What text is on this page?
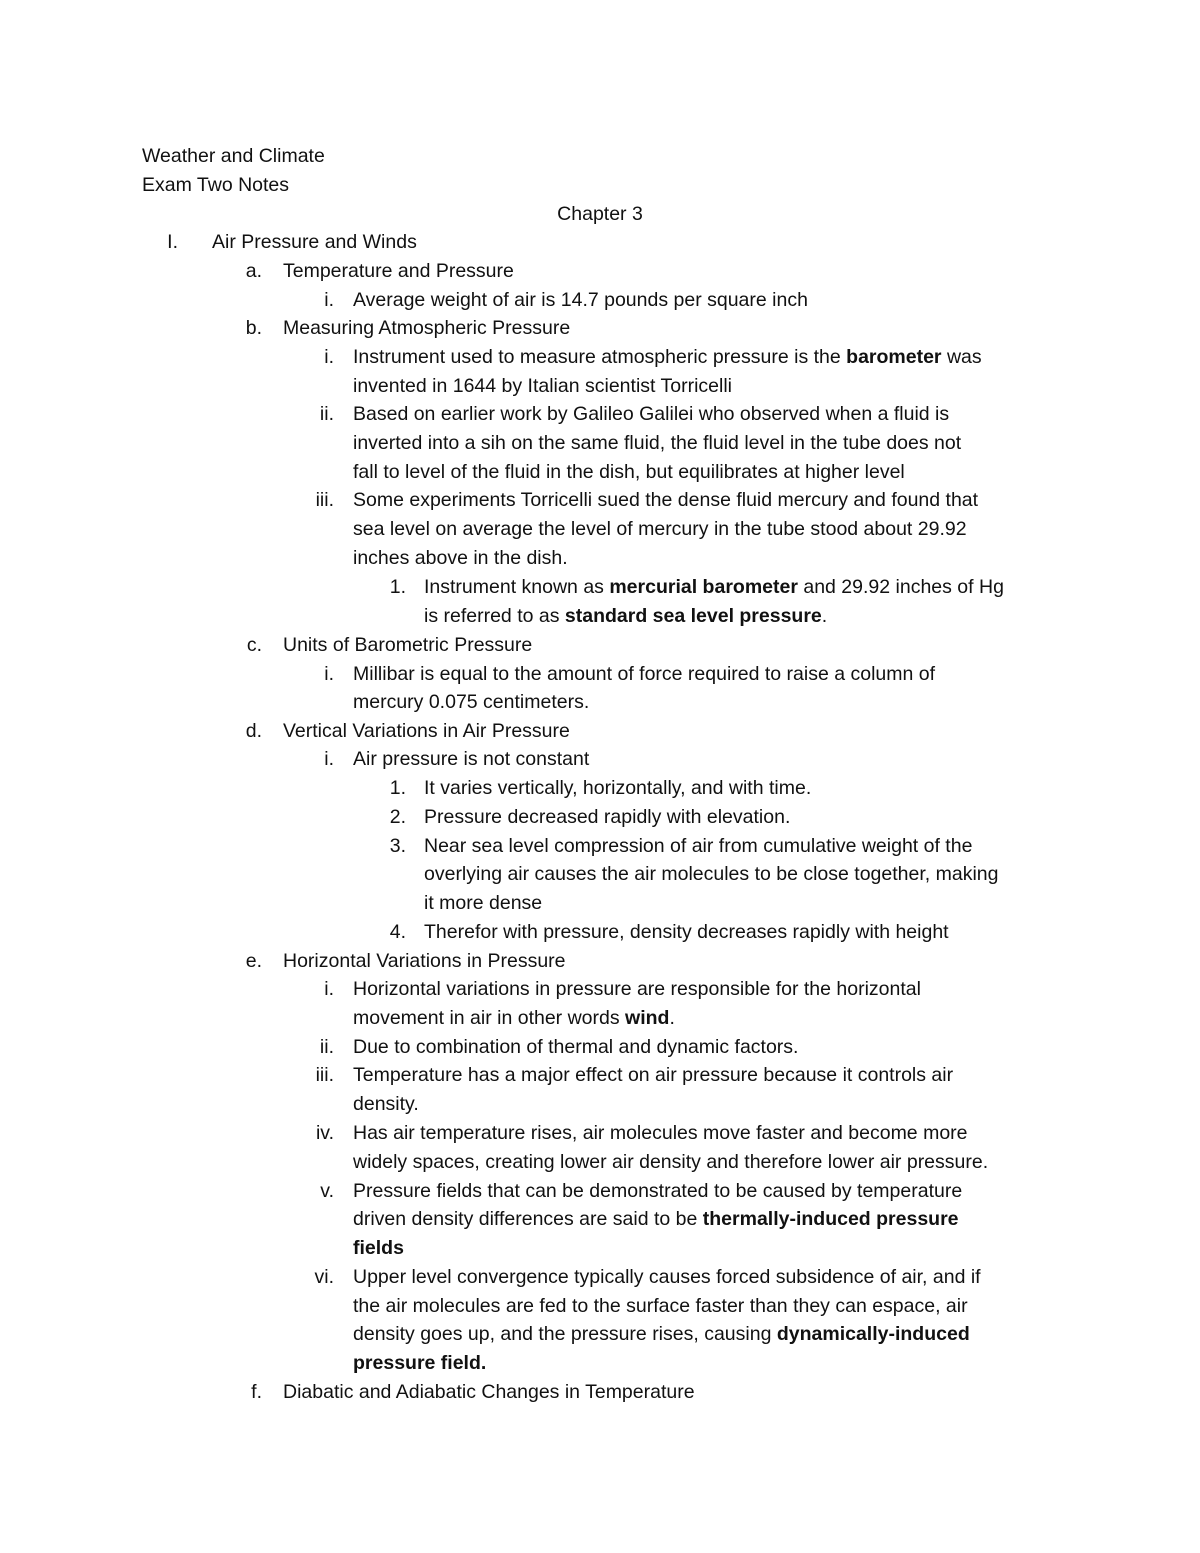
Weather and Climate
Exam Two Notes
Chapter 3
I. Air Pressure and Winds
a. Temperature and Pressure
i. Average weight of air is 14.7 pounds per square inch
b. Measuring Atmospheric Pressure
i. Instrument used to measure atmospheric pressure is the barometer was
invented in 1644 by Italian scientist Torricelli
ii. Based on earlier work by Galileo Galilei who observed when a fluid is
inverted into a sih on the same fluid, the fluid level in the tube does not
fall to level of the fluid in the dish, but equilibrates at higher level
iii. Some experiments Torricelli sued the dense fluid mercury and found that
sea level on average the level of mercury in the tube stood about 29.92
inches above in the dish.
1. Instrument known as mercurial barometer and 29.92 inches of Hg
is referred to as standard sea level pressure.
c. Units of Barometric Pressure
i. Millibar is equal to the amount of force required to raise a column of
mercury 0.075 centimeters.
d. Vertical Variations in Air Pressure
i. Air pressure is not constant
1. It varies vertically, horizontally, and with time.
2. Pressure decreased rapidly with elevation.
3. Near sea level compression of air from cumulative weight of the
overlying air causes the air molecules to be close together, making
it more dense
4. Therefor with pressure, density decreases rapidly with height
e. Horizontal Variations in Pressure
i. Horizontal variations in pressure are responsible for the horizontal
movement in air in other words wind.
ii. Due to combination of thermal and dynamic factors.
iii. Temperature has a major effect on air pressure because it controls air
density.
iv. Has air temperature rises, air molecules move faster and become more
widely spaces, creating lower air density and therefore lower air pressure.
v. Pressure fields that can be demonstrated to be caused by temperature
driven density differences are said to be thermally-induced pressure
fields
vi. Upper level convergence typically causes forced subsidence of air, and if
the air molecules are fed to the surface faster than they can espace, air
density goes up, and the pressure rises, causing dynamically-induced
pressure field.
f. Diabatic and Adiabatic Changes in Temperature
